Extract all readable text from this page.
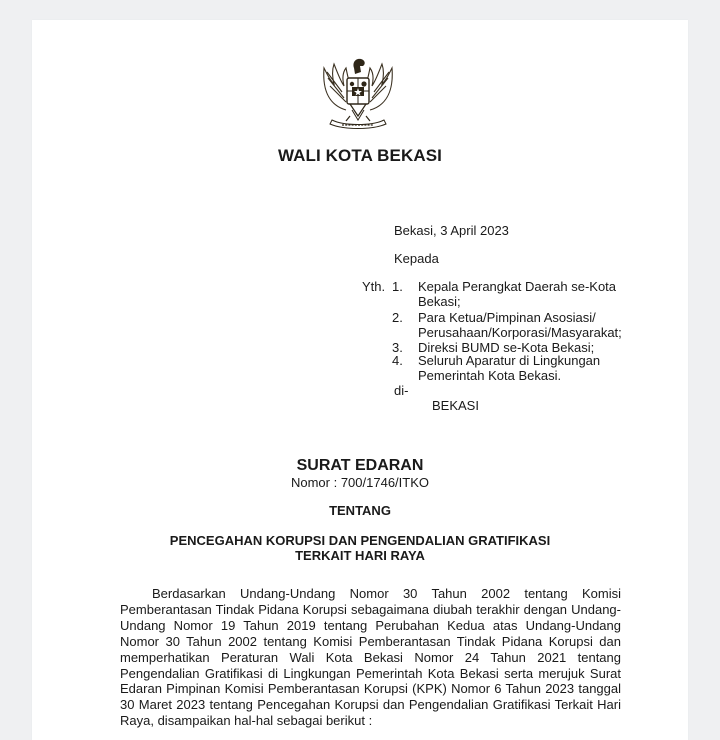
WALI KOTA BEKASI
Bekasi, 3 April 2023
Kepada
Yth. 1. Kepala Perangkat Daerah se-Kota
Bekasi;
2. Para Ketua/Pimpinan Asosiasi/
Perusahaan/Korporasi/Masyarakat;
3. Direksi BUMD se-Kota Bekasi;
4. Seluruh Aparatur di Lingkungan
Pemerintah Kota Bekasi.
di-
BEKASI
SURAT EDARAN
Nomor : 700/1746/ITKO
TENTANG
PENCEGAHAN KORUPSI DAN PENGENDALIAN GRATIFIKASI
TERKAIT HARI RAYA

Berdasarkan Undang-Undang Nomor 30 Tahun 2002 tentang Komisi Pemberantasan Tindak Pidana Korupsi sebagaimana diubah terakhir dengan Undang-Undang Nomor 19 Tahun 2019 tentang Perubahan Kedua atas Undang-Undang Nomor 30 Tahun 2002 tentang Komisi Pemberantasan Tindak Pidana Korupsi dan memperhatikan Peraturan Wali Kota Bekasi Nomor 24 Tahun 2021 tentang Pengendalian Gratifikasi di Lingkungan Pemerintah Kota Bekasi serta merujuk Surat Edaran Pimpinan Komisi Pemberantasan Korupsi (KPK) Nomor 6 Tahun 2023 tanggal 30 Maret 2023 tentang Pencegahan Korupsi dan Pengendalian Gratifikasi Terkait Hari Raya, disampaikan hal-hal sebagai berikut :
